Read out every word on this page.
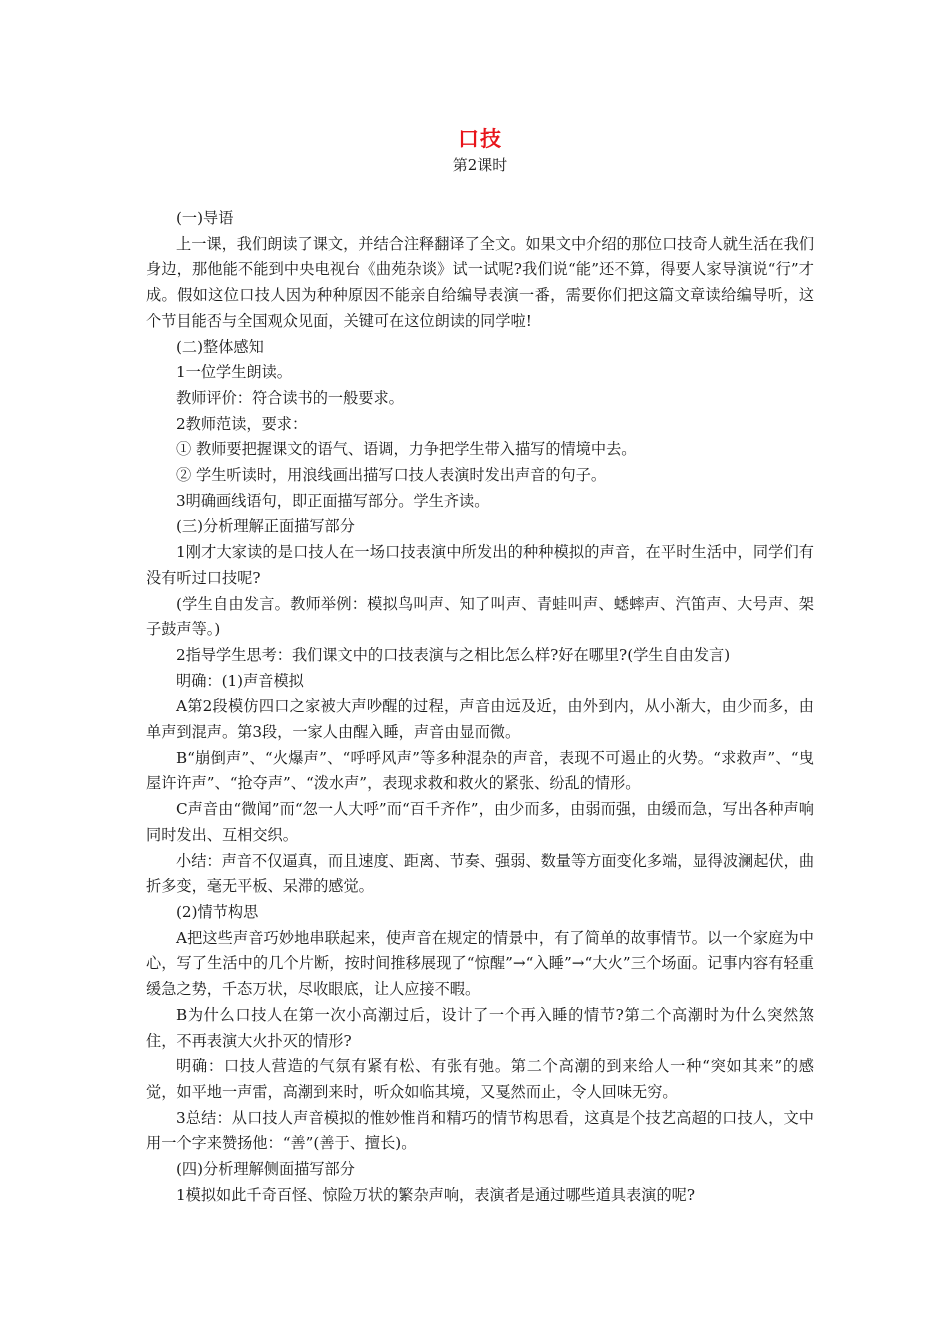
口技
第2课时

(一)导语

上一课，我们朗读了课文，并结合注释翻译了全文。如果文中介绍的那位口技奇人就生活在我们身边，那他能不能到中央电视台《曲苑杂谈》试一试呢?我们说“能”还不算，得要人家导演说“行”才成。假如这位口技人因为种种原因不能亲自给编导表演一番，需要你们把这篇文章读给编导听，这个节目能否与全国观众见面，关键可在这位朗读的同学啦!

(二)整体感知

1一位学生朗读。

教师评价：符合读书的一般要求。

2教师范读，要求：

① 教师要把握课文的语气、语调，力争把学生带入描写的情境中去。

② 学生听读时，用浪线画出描写口技人表演时发出声音的句子。

3明确画线语句，即正面描写部分。学生齐读。

(三)分析理解正面描写部分

1刚才大家读的是口技人在一场口技表演中所发出的种种模拟的声音，在平时生活中，同学们有没有听过口技呢?

(学生自由发言。教师举例：模拟鸟叫声、知了叫声、青蛙叫声、蟋蟀声、汽笛声、大号声、架子鼓声等。)

2指导学生思考：我们课文中的口技表演与之相比怎么样?好在哪里?(学生自由发言)

明确：(1)声音模拟

A第2段模仿四口之家被大声吵醒的过程，声音由远及近，由外到内，从小渐大，由少而多，由单声到混声。第3段，一家人由醒入睡，声音由显而微。

B“崩倒声”、“火爆声”、“呼呼风声”等多种混杂的声音，表现不可遏止的火势。“求救声”、“曳屋许许声”、“抢夺声”、“泼水声”，表现求救和救火的紧张、纷乱的情形。

C声音由“微闻”而“忽一人大呼”而“百千齐作”，由少而多，由弱而强，由缓而急，写出各种声响同时发出、互相交织。

小结：声音不仅逼真，而且速度、距离、节奏、强弱、数量等方面变化多端，显得波澜起伏，曲折多变，毫无平板、呆滞的感觉。

(2)情节构思

A把这些声音巧妙地串联起来，使声音在规定的情景中，有了简单的故事情节。以一个家庭为中心，写了生活中的几个片断，按时间推移展现了“惊醒”→“入睡”→“大火”三个场面。记事内容有轻重缓急之势，千态万状，尽收眼底，让人应接不暇。

B为什么口技人在第一次小高潮过后，设计了一个再入睡的情节?第二个高潮时为什么突然煞住，不再表演大火扑灭的情形?

明确：口技人营造的气氛有紧有松、有张有弛。第二个高潮的到来给人一种“突如其来”的感觉，如平地一声雷，高潮到来时，听众如临其境，又戛然而止，令人回味无穷。

3总结：从口技人声音模拟的惟妙惟肖和精巧的情节构思看，这真是个技艺高超的口技人，文中用一个字来赞扬他：“善”(善于、擅长)。

(四)分析理解侧面描写部分

1模拟如此千奇百怪、惊险万状的繁杂声响，表演者是通过哪些道具表演的呢?
